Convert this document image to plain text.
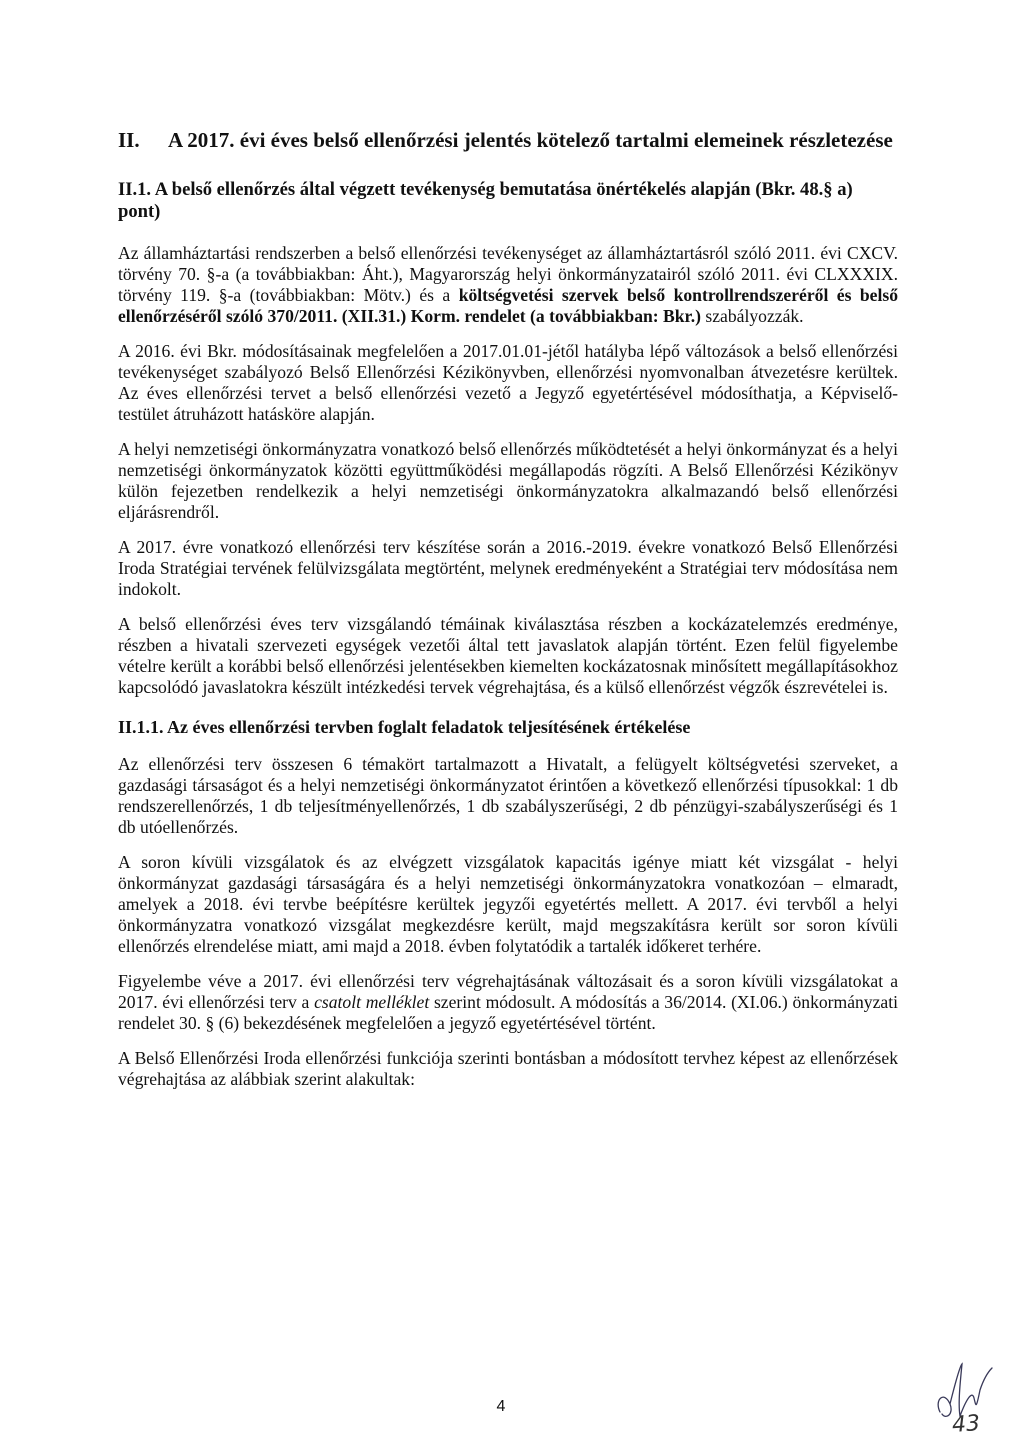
II.	A 2017. évi éves belső ellenőrzési jelentés kötelező tartalmi elemeinek részletezése
II.1. A belső ellenőrzés által végzett tevékenység bemutatása önértékelés alapján (Bkr. 48.§ a) pont)

Az államháztartási rendszerben a belső ellenőrzési tevékenységet az államháztartásról szóló 2011. évi CXCV. törvény 70. §-a (a továbbiakban: Áht.), Magyarország helyi önkormányzatairól szóló 2011. évi CLXXXIX. törvény 119. §-a (továbbiakban: Mötv.) és a költségvetési szervek belső kontrollrendszeréről és belső ellenőrzéséről szóló 370/2011. (XII.31.) Korm. rendelet (a továbbiakban: Bkr.) szabályozzák.

A 2016. évi Bkr. módosításainak megfelelően a 2017.01.01-jétől hatályba lépő változások a belső ellenőrzési tevékenységet szabályozó Belső Ellenőrzési Kézikönyvben, ellenőrzési nyomvonalban átvezetésre kerültek. Az éves ellenőrzési tervet a belső ellenőrzési vezető a Jegyző egyetértésével módosíthatja, a Képviselő-testület átruházott hatásköre alapján.

A helyi nemzetiségi önkormányzatra vonatkozó belső ellenőrzés működtetését a helyi önkormányzat és a helyi nemzetiségi önkormányzatok közötti együttműködési megállapodás rögzíti. A Belső Ellenőrzési Kézikönyv külön fejezetben rendelkezik a helyi nemzetiségi önkormányzatokra alkalmazandó belső ellenőrzési eljárásrendről.

A 2017. évre vonatkozó ellenőrzési terv készítése során a 2016.-2019. évekre vonatkozó Belső Ellenőrzési Iroda Stratégiai tervének felülvizsgálata megtörtént, melynek eredményeként a Stratégiai terv módosítása nem indokolt.

A belső ellenőrzési éves terv vizsgálandó témáinak kiválasztása részben a kockázatelemzés eredménye, részben a hivatali szervezeti egységek vezetői által tett javaslatok alapján történt. Ezen felül figyelembe vételre került a korábbi belső ellenőrzési jelentésekben kiemelten kockázatosnak minősített megállapításokhoz kapcsolódó javaslatokra készült intézkedési tervek végrehajtása, és a külső ellenőrzést végzők észrevételei is.

II.1.1. Az éves ellenőrzési tervben foglalt feladatok teljesítésének értékelése

Az ellenőrzési terv összesen 6 témakört tartalmazott a Hivatalt, a felügyelt költségvetési szerveket, a gazdasági társaságot és a helyi nemzetiségi önkormányzatot érintően a következő ellenőrzési típusokkal: 1 db rendszerellenőrzés, 1 db teljesítményellenőrzés, 1 db szabályszerűségi, 2 db pénzügyi-szabályszerűségi és 1 db utóellenőrzés.

A soron kívüli vizsgálatok és az elvégzett vizsgálatok kapacitás igénye miatt két vizsgálat - helyi önkormányzat gazdasági társaságára és a helyi nemzetiségi önkormányzatokra vonatkozóan – elmaradt, amelyek a 2018. évi tervbe beépítésre kerültek jegyzői egyetértés mellett. A 2017. évi tervből a helyi önkormányzatra vonatkozó vizsgálat megkezdésre került, majd megszakításra került sor soron kívüli ellenőrzés elrendelése miatt, ami majd a 2018. évben folytatódik a tartalék időkeret terhére.

Figyelembe véve a 2017. évi ellenőrzési terv végrehajtásának változásait és a soron kívüli vizsgálatokat a 2017. évi ellenőrzési terv a csatolt melléklet szerint módosult. A módosítás a 36/2014. (XI.06.) önkormányzati rendelet 30. § (6) bekezdésének megfelelően a jegyző egyetértésével történt.

A Belső Ellenőrzési Iroda ellenőrzési funkciója szerinti bontásban a módosított tervhez képest az ellenőrzések végrehajtása az alábbiak szerint alakultak:

4
43
